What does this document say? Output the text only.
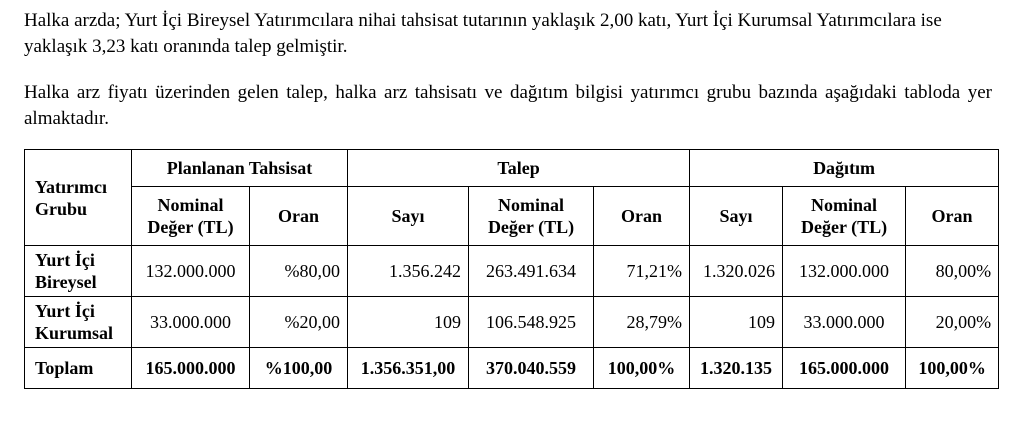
Halka arzda; Yurt İçi Bireysel Yatırımcılara nihai tahsisat tutarının yaklaşık 2,00 katı, Yurt İçi Kurumsal Yatırımcılara ise yaklaşık 3,23 katı oranında talep gelmiştir.

Halka arz fiyatı üzerinden gelen talep, halka arz tahsisatı ve dağıtım bilgisi yatırımcı grubu bazında aşağıdaki tabloda yer almaktadır.

Yatırımcı Grubu	Planlanan Tahsisat		Talep			Dağıtım		
	Nominal Değer (TL)	Oran	Sayı	Nominal Değer (TL)	Oran	Sayı	Nominal Değer (TL)	Oran
Yurt İçi Bireysel	132.000.000	%80,00	1.356.242	263.491.634	71,21%	1.320.026	132.000.000	80,00%
Yurt İçi Kurumsal	33.000.000	%20,00	109	106.548.925	28,79%	109	33.000.000	20,00%
Toplam	165.000.000	%100,00	1.356.351,00	370.040.559	100,00%	1.320.135	165.000.000	100,00%
